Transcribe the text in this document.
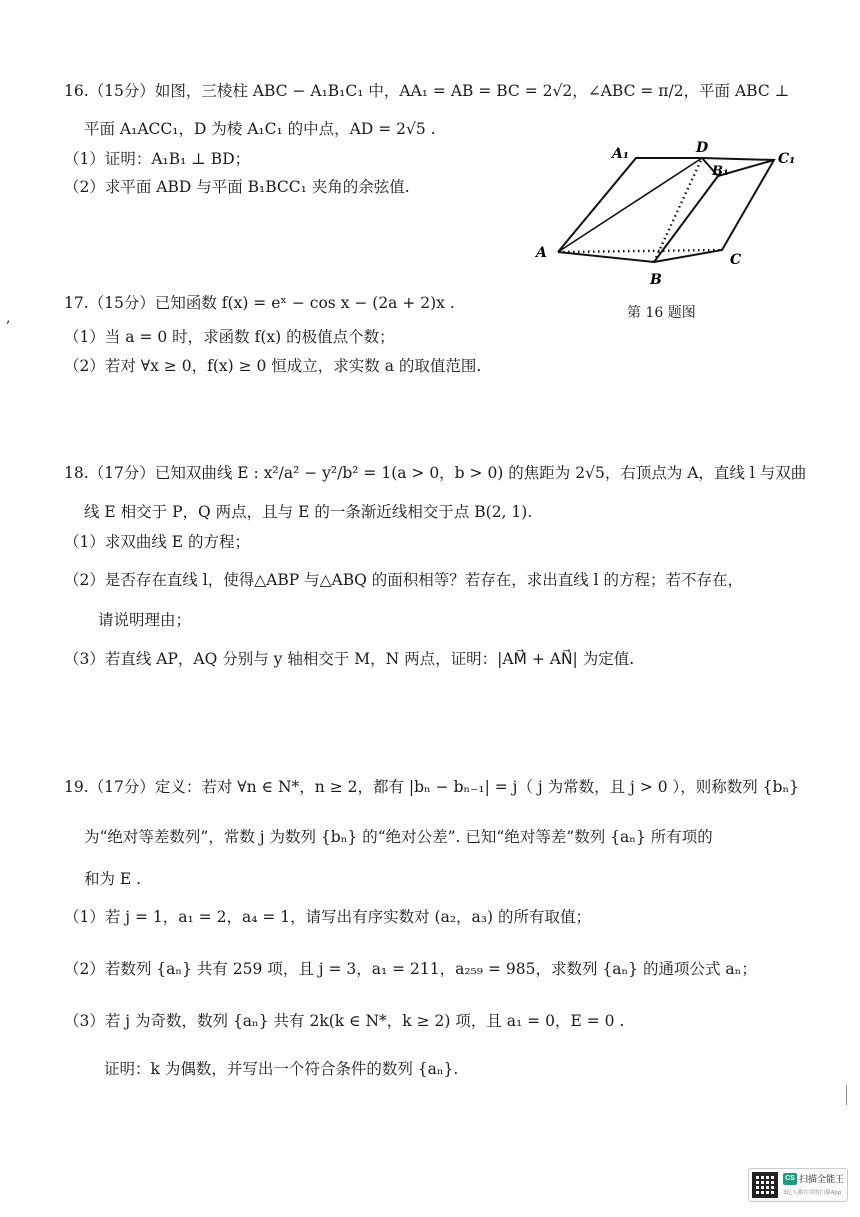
16.（15分）如图，三棱柱 ABC − A₁B₁C₁ 中，AA₁ = AB = BC = 2√2，∠ABC = π/2，平面 ABC ⊥
平面 A₁ACC₁，D 为棱 A₁C₁ 的中点，AD = 2√5 .
（1）证明：A₁B₁ ⊥ BD；
（2）求平面 ABD 与平面 B₁BCC₁ 夹角的余弦值.
A₁	D
C₁
B₁
A
B
C
第 16 题图
,
17.（15分）已知函数 f(x) = eˣ − cos x − (2a + 2)x .
（1）当 a = 0 时，求函数 f(x) 的极值点个数；
（2）若对 ∀x ≥ 0，f(x) ≥ 0 恒成立，求实数 a 的取值范围.
18.（17分）已知双曲线 E : x²/a² − y²/b² = 1(a > 0，b > 0) 的焦距为 2√5，右顶点为 A，直线 l 与双曲
线 E 相交于 P，Q 两点，且与 E 的一条渐近线相交于点 B(2, 1).
（1）求双曲线 E 的方程；
（2）是否存在直线 l，使得△ABP 与△ABQ 的面积相等？若存在，求出直线 l 的方程；若不存在，
请说明理由；
（3）若直线 AP，AQ 分别与 y 轴相交于 M，N 两点，证明：|AM⃗ + AN⃗| 为定值.
19.（17分）定义：若对 ∀n ∈ N*，n ≥ 2，都有 |bₙ − bₙ₋₁| = j（ j 为常数，且 j > 0 ），则称数列 {bₙ}
为“绝对等差数列”，常数 j 为数列 {bₙ} 的“绝对公差”. 已知“绝对等差”数列 {aₙ} 所有项的
和为 E .
（1）若 j = 1，a₁ = 2，a₄ = 1，请写出有序实数对 (a₂，a₃) 的所有取值；
（2）若数列 {aₙ} 共有 259 项，且 j = 3，a₁ = 211，a₂₅₉ = 985，求数列 {aₙ} 的通项公式 aₙ；
（3）若 j 为奇数，数列 {aₙ} 共有 2k(k ∈ N*，k ≥ 2) 项，且 a₁ = 0，E = 0 .
证明：k 为偶数，并写出一个符合条件的数列 {aₙ}.
CS 扫描全能王
3亿人都在用的扫描App
